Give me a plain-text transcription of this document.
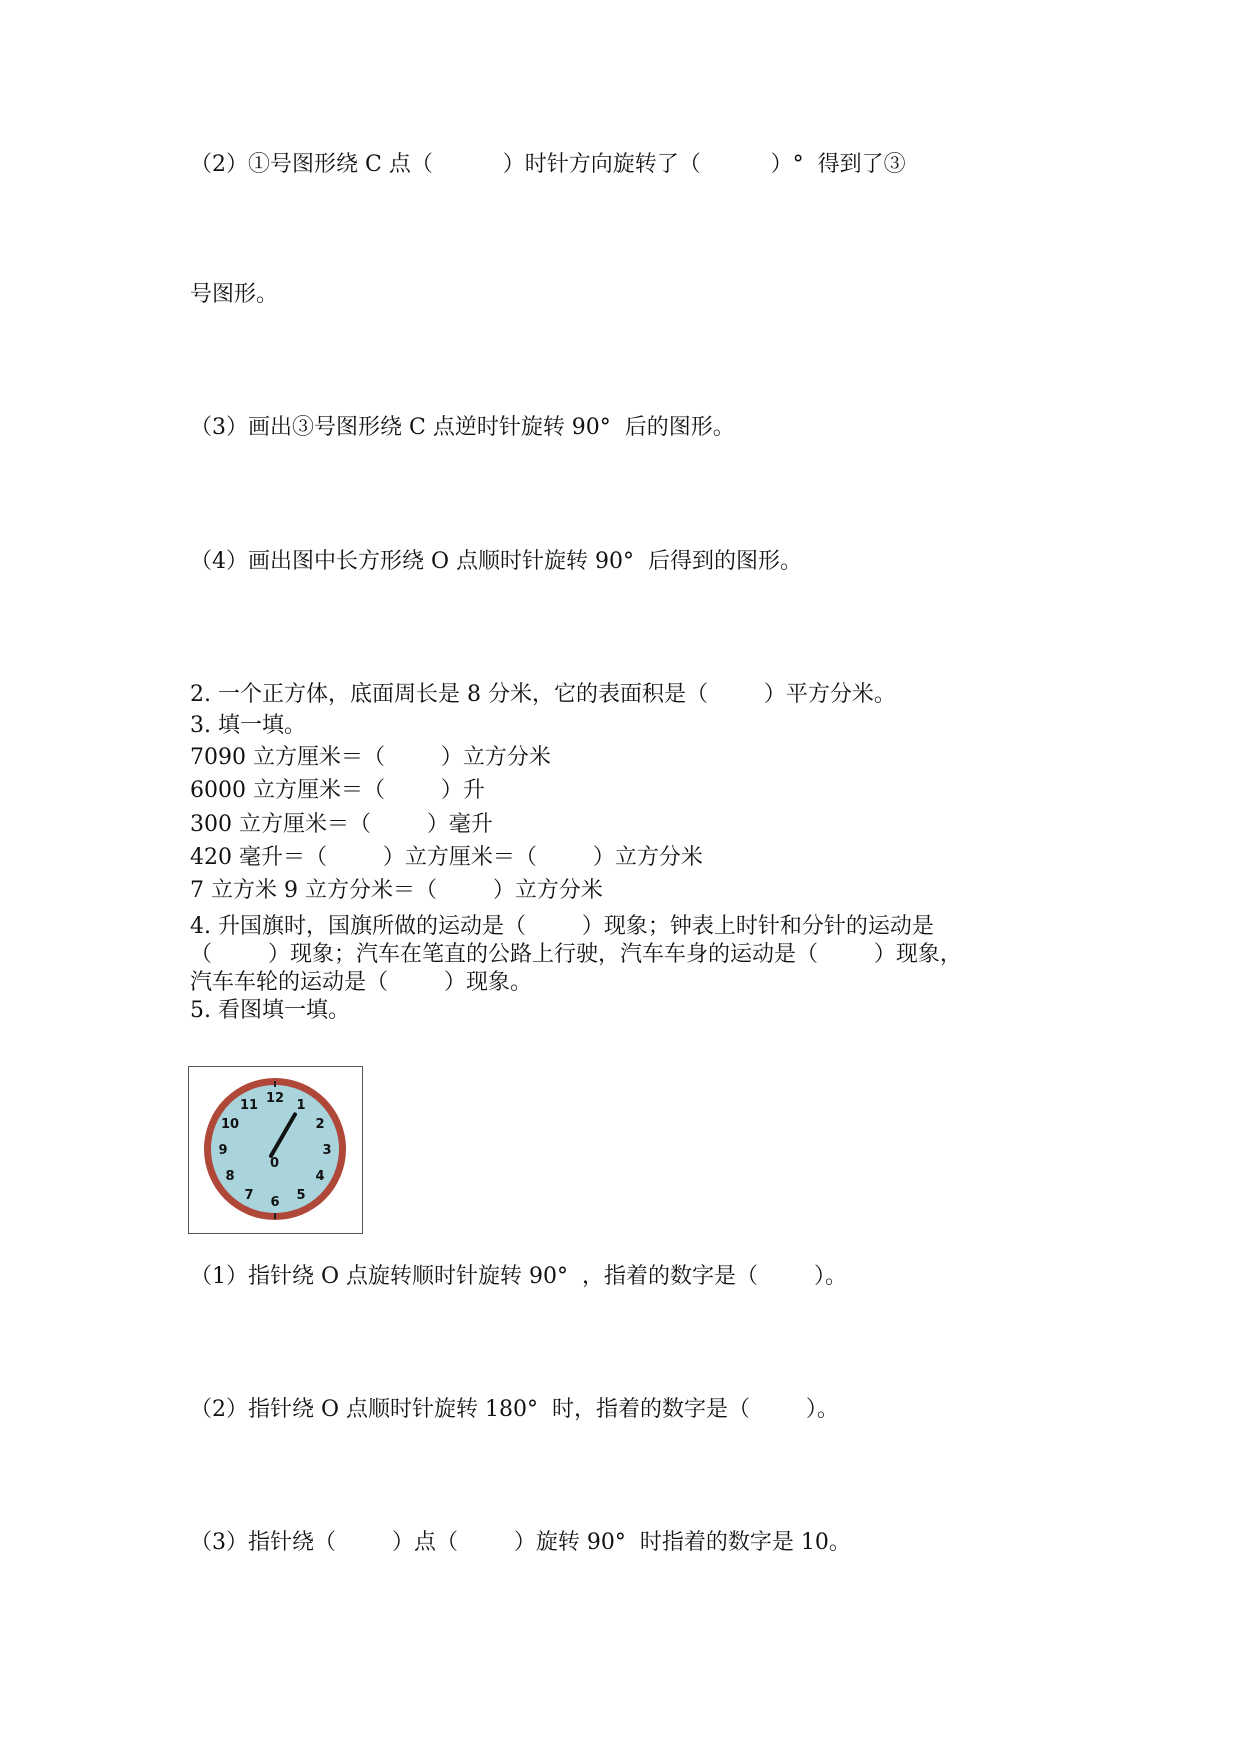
（2）①号图形绕 C 点（          ）时针方向旋转了（          ）°  得到了③
号图形。
（3）画出③号图形绕 C 点逆时针旋转 90°  后的图形。
（4）画出图中长方形绕 O 点顺时针旋转 90°  后得到的图形。
2. 一个正方体，底面周长是 8 分米，它的表面积是（        ）平方分米。
3. 填一填。
7090 立方厘米＝（        ）立方分米
6000 立方厘米＝（        ）升
300 立方厘米＝（        ）毫升
420 毫升＝（        ）立方厘米＝（        ）立方分米
7 立方米 9 立方分米＝（        ）立方分米
4. 升国旗时，国旗所做的运动是（        ）现象；钟表上时针和分针的运动是
（        ）现象；汽车在笔直的公路上行驶，汽车车身的运动是（        ）现象，
汽车车轮的运动是（        ）现象。
5. 看图填一填。
12 1
2
3
4
5
6
7
8
9
10
11
0
（1）指针绕 O 点旋转顺时针旋转 90°  ，指着的数字是（        ）。
（2）指针绕 O 点顺时针旋转 180°  时，指着的数字是（        ）。
（3）指针绕（        ）点（        ）旋转 90°  时指着的数字是 10。
